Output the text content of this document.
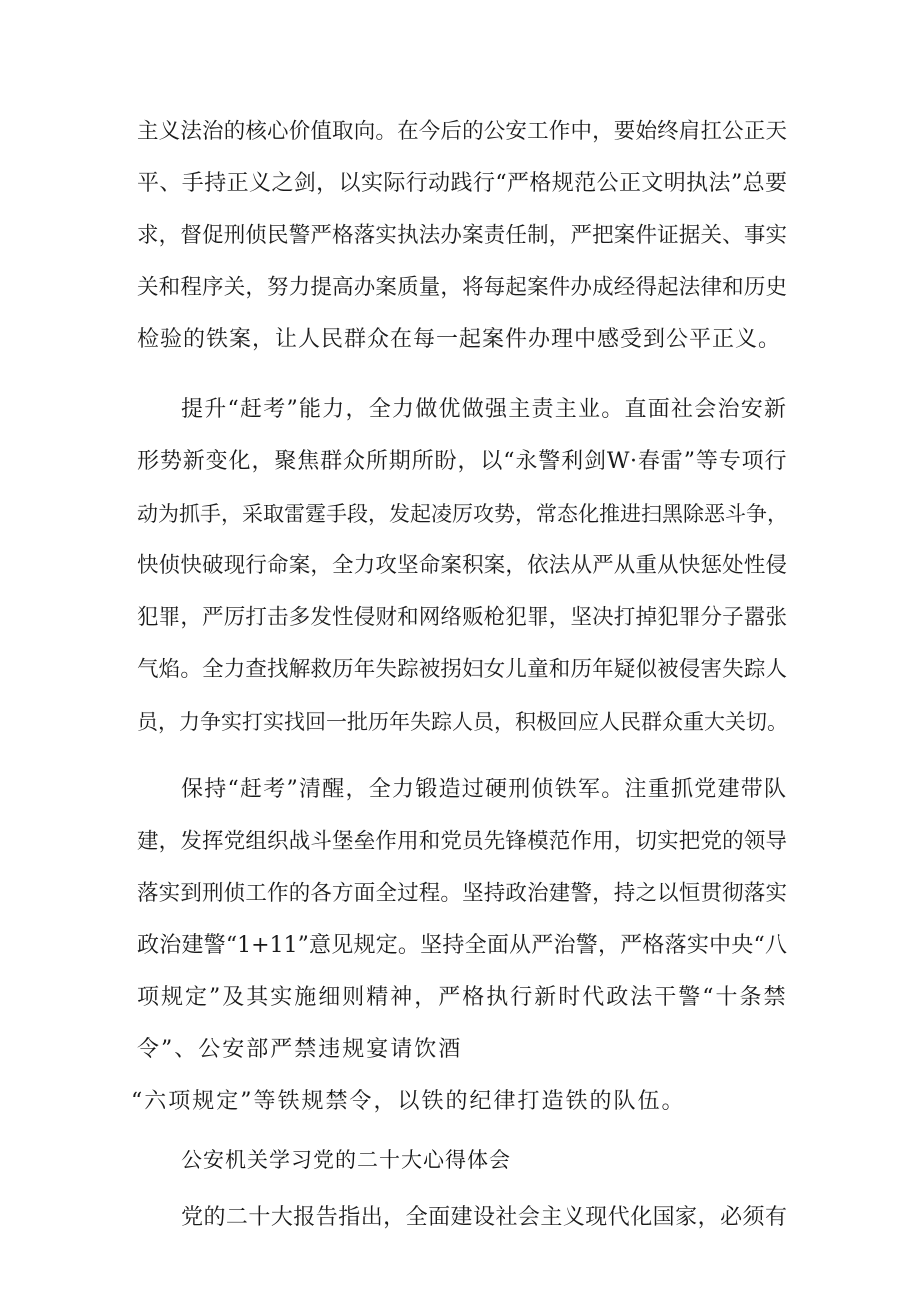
主义法治的核心价值取向。在今后的公安工作中，要始终肩扛公正天
平、手持正义之剑，以实际行动践行“严格规范公正文明执法”总要
求，督促刑侦民警严格落实执法办案责任制，严把案件证据关、事实
关和程序关，努力提高办案质量，将每起案件办成经得起法律和历史
检验的铁案，让人民群众在每一起案件办理中感受到公平正义。
提升“赶考”能力，全力做优做强主责主业。直面社会治安新
形势新变化，聚焦群众所期所盼，以“永警利剑W·春雷”等专项行
动为抓手，采取雷霆手段，发起凌厉攻势，常态化推进扫黑除恶斗争，
快侦快破现行命案，全力攻坚命案积案，依法从严从重从快惩处性侵
犯罪，严厉打击多发性侵财和网络贩枪犯罪，坚决打掉犯罪分子嚣张
气焰。全力查找解救历年失踪被拐妇女儿童和历年疑似被侵害失踪人
员，力争实打实找回一批历年失踪人员，积极回应人民群众重大关切。
保持“赶考”清醒，全力锻造过硬刑侦铁军。注重抓党建带队
建，发挥党组织战斗堡垒作用和党员先锋模范作用，切实把党的领导
落实到刑侦工作的各方面全过程。坚持政治建警，持之以恒贯彻落实
政治建警“1+11”意见规定。坚持全面从严治警，严格落实中央“八
项规定”及其实施细则精神，严格执行新时代政法干警“十条禁
令”、公安部严禁违规宴请饮酒
“六项规定”等铁规禁令，以铁的纪律打造铁的队伍。
公安机关学习党的二十大心得体会
党的二十大报告指出，全面建设社会主义现代化国家，必须有
